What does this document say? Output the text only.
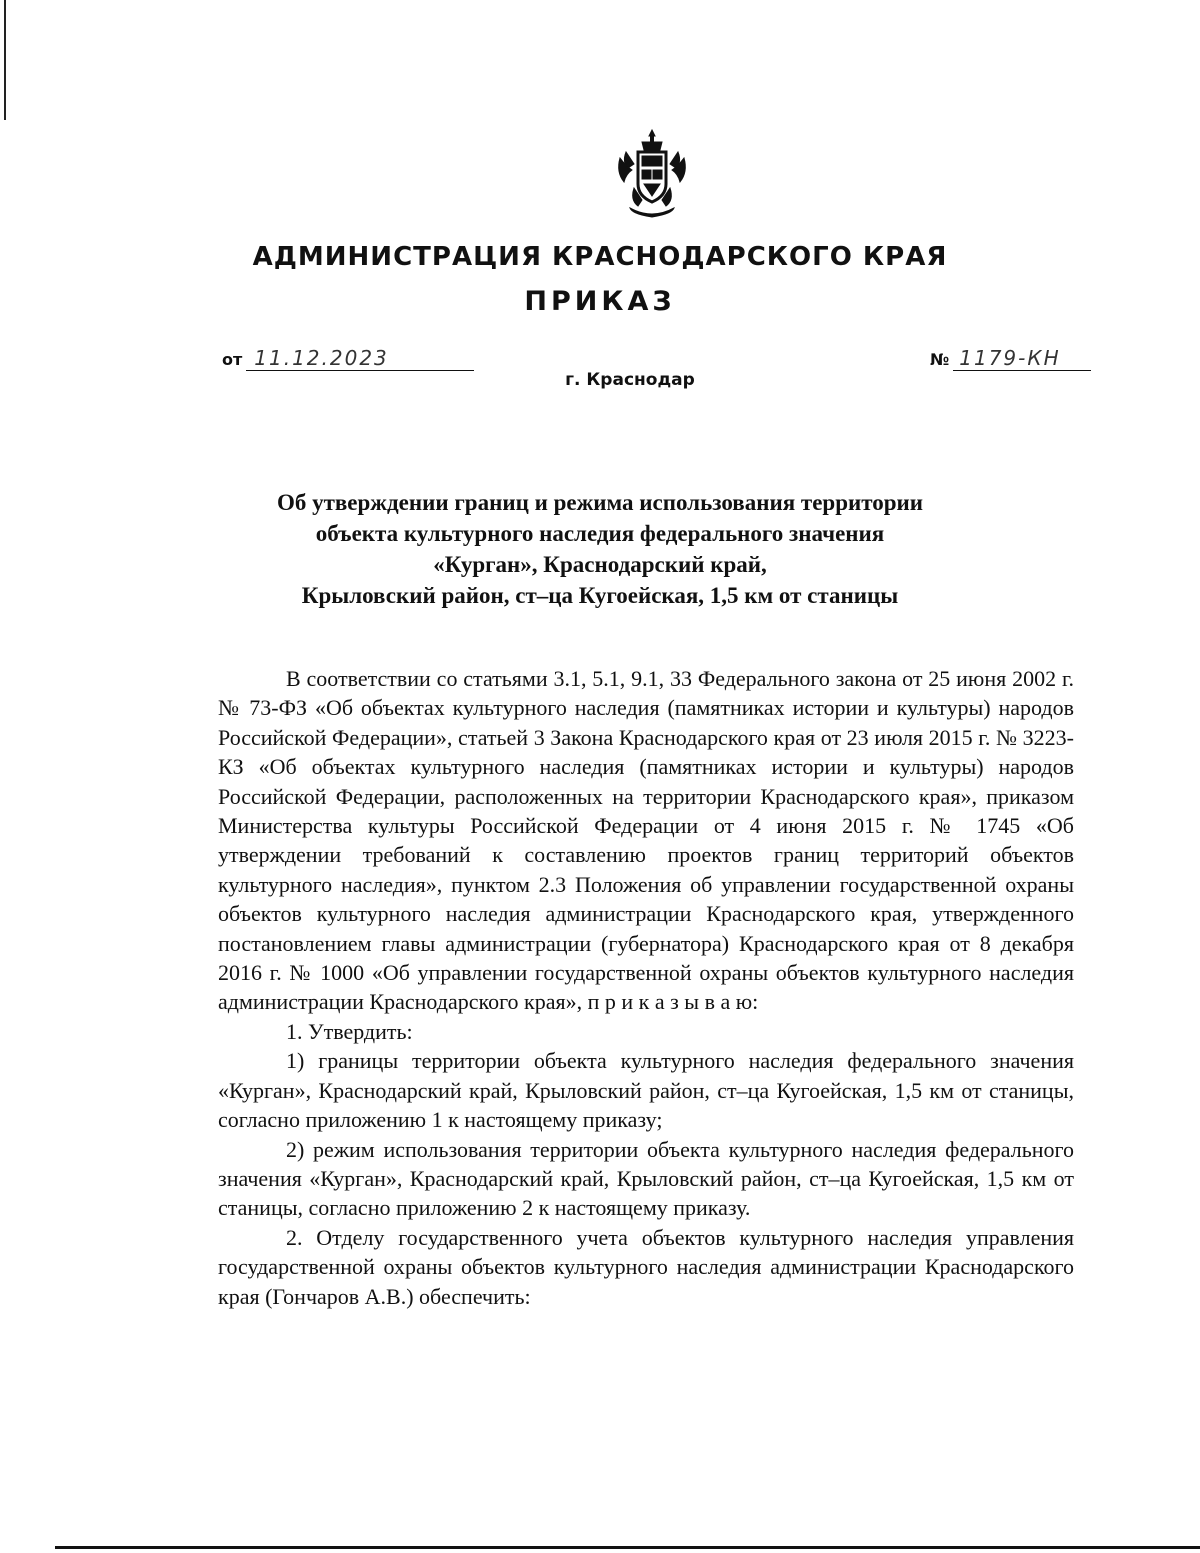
АДМИНИСТРАЦИЯ КРАСНОДАРСКОГО КРАЯ
ПРИКАЗ
от 11.12.2023	№ 1179-КН
г. Краснодар
Об утверждении границ и режима использования территории
объекта культурного наследия федерального значения
«Курган», Краснодарский край,
Крыловский район, ст–ца Кугоейская, 1,5 км от станицы

В соответствии со статьями 3.1, 5.1, 9.1, 33 Федерального закона от 25 июня 2002 г. № 73-ФЗ «Об объектах культурного наследия (памятниках истории и культуры) народов Российской Федерации», статьей 3 Закона Краснодарского края от 23 июля 2015 г. № 3223-КЗ «Об объектах культурного наследия (памятниках истории и культуры) народов Российской Федерации, расположенных на территории Краснодарского края», приказом Министерства культуры Российской Федерации от 4 июня 2015 г. № 1745 «Об утверждении требований к составлению проектов границ территорий объектов культурного наследия», пунктом 2.3 Положения об управлении государственной охраны объектов культурного наследия администрации Краснодарского края, утвержденного постановлением главы администрации (губернатора) Краснодарского края от 8 декабря 2016 г. № 1000 «Об управлении государственной охраны объектов культурного наследия администрации Краснодарского края», п р и к а з ы в а ю:

1. Утвердить:

1) границы территории объекта культурного наследия федерального значения «Курган», Краснодарский край, Крыловский район, ст–ца Кугоейская, 1,5 км от станицы, согласно приложению 1 к настоящему приказу;

2) режим использования территории объекта культурного наследия федерального значения «Курган», Краснодарский край, Крыловский район, ст–ца Кугоейская, 1,5 км от станицы, согласно приложению 2 к настоящему приказу.

2. Отделу государственного учета объектов культурного наследия управления государственной охраны объектов культурного наследия администрации Краснодарского края (Гончаров А.В.) обеспечить:
